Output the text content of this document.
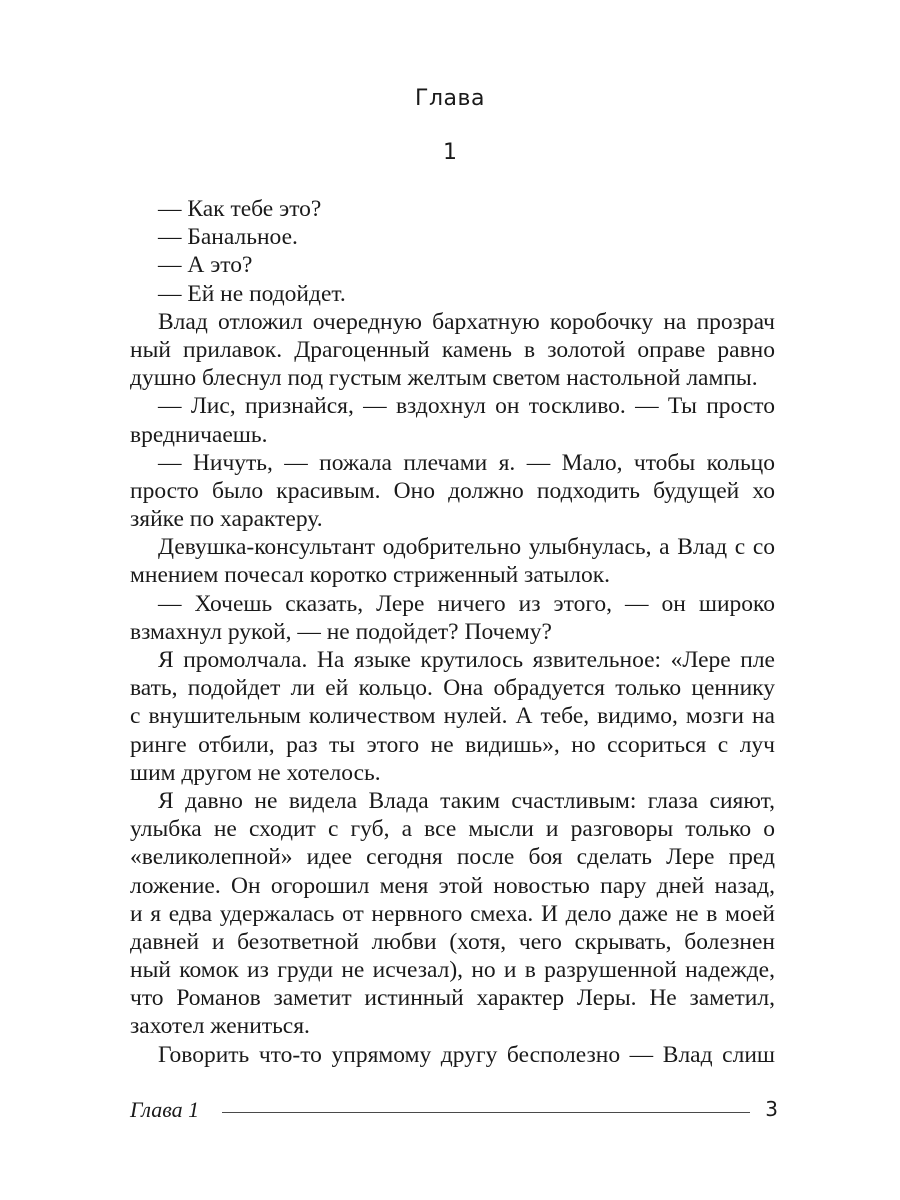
Глава
1
— Как тебе это?
— Банальное.
— А это?
— Ей не подойдет.
Влад отложил очередную бархатную коробочку на прозрач
ный прилавок. Драгоценный камень в золотой оправе равно
душно блеснул под густым желтым светом настольной лампы.
— Лис, признайся, — вздохнул он тоскливо. — Ты просто
вредничаешь.
— Ничуть, — пожала плечами я. — Мало, чтобы кольцо
просто было красивым. Оно должно подходить будущей хо
зяйке по характеру.
Девушка-консультант одобрительно улыбнулась, а Влад с со
мнением почесал коротко стриженный затылок.
— Хочешь сказать, Лере ничего из этого, — он широко
взмахнул рукой, — не подойдет? Почему?
Я промолчала. На языке крутилось язвительное: «Лере пле
вать, подойдет ли ей кольцо. Она обрадуется только ценнику
с внушительным количеством нулей. А тебе, видимо, мозги на
ринге отбили, раз ты этого не видишь», но ссориться с луч
шим другом не хотелось.
Я давно не видела Влада таким счастливым: глаза сияют,
улыбка не сходит с губ, а все мысли и разговоры только о
«великолепной» идее сегодня после боя сделать Лере пред
ложение. Он огорошил меня этой новостью пару дней назад,
и я едва удержалась от нервного смеха. И дело даже не в моей
давней и безответной любви (хотя, чего скрывать, болезнен
ный комок из груди не исчезал), но и в разрушенной надежде,
что Романов заметит истинный характер Леры. Не заметил,
захотел жениться.
Говорить что-то упрямому другу бесполезно — Влад слиш
Глава 1	3
